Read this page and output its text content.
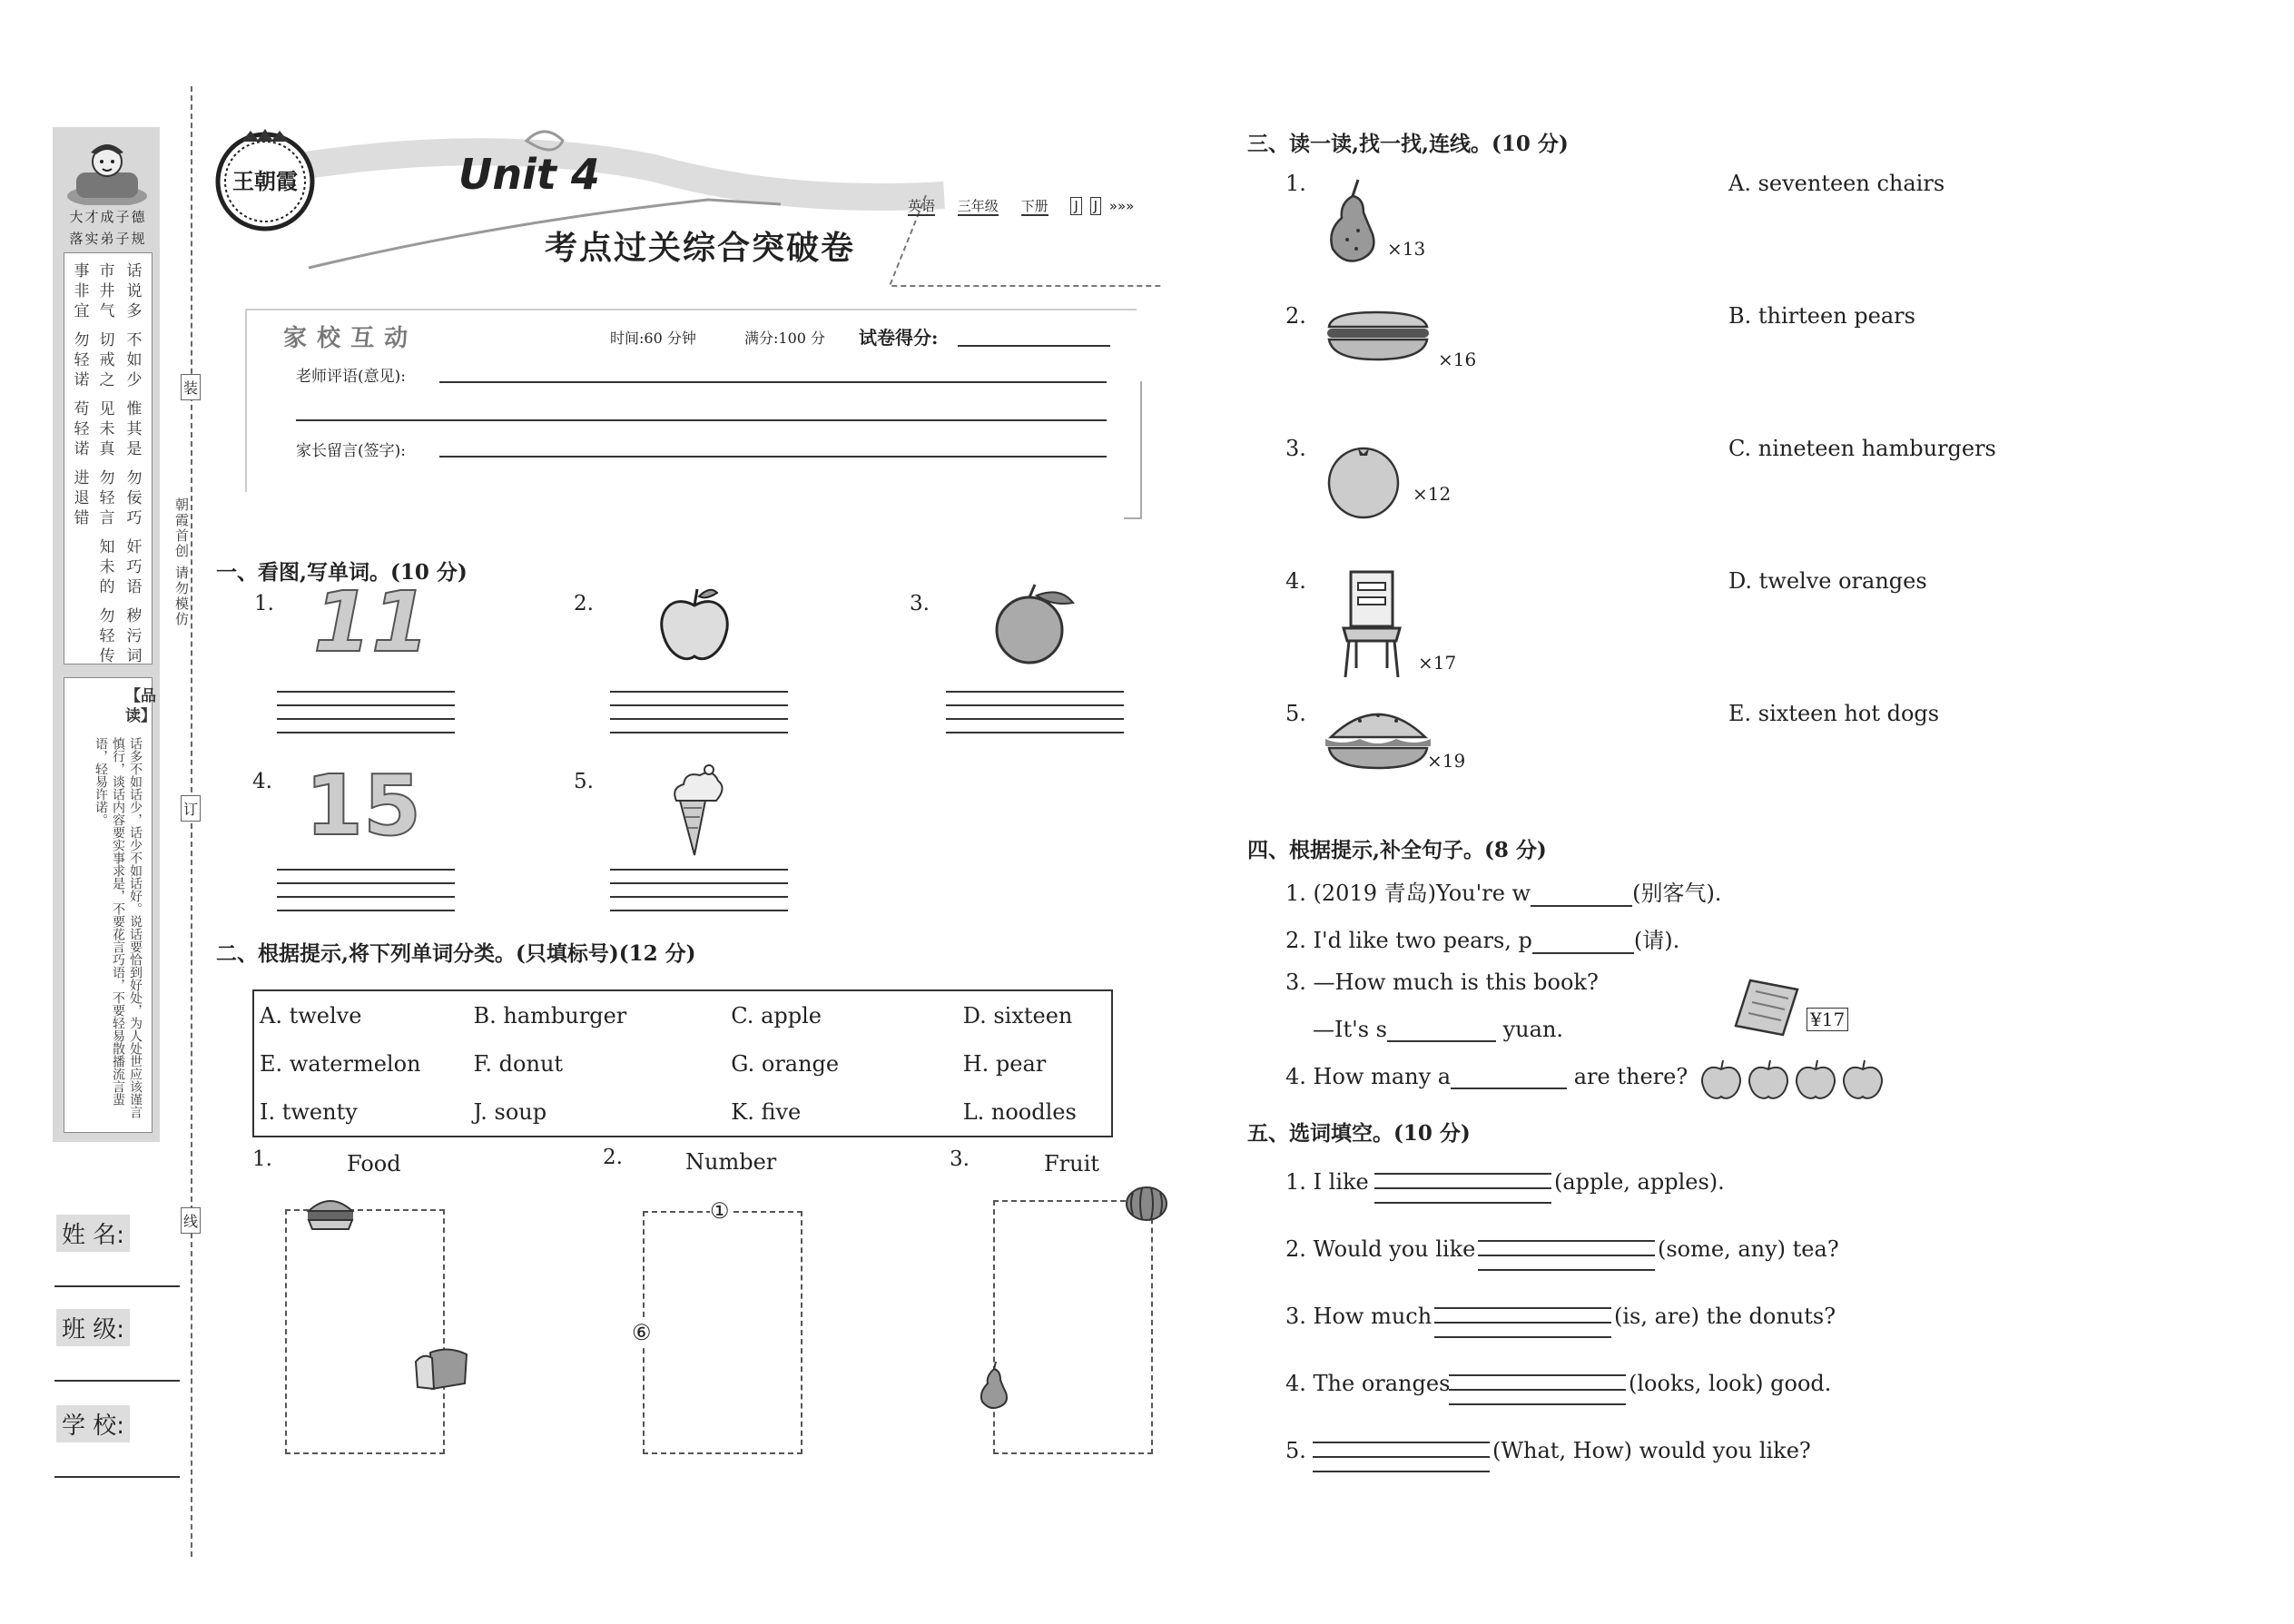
大才成子德
落实弟子规
事非宜
勿轻诺
苟轻诺
进退错
市井气
切戒之
见未真
勿轻言
知未的
勿轻传
话说多
不如少
惟其是
勿佞巧
奸巧语
秽污词
【品读】
话多不如话少，话少不如话好。说话要恰到好处，为人处世应该谨言慎行，谈话内容要实事求是，不要花言巧语，不要轻易散播流言蜚语，轻易许诺。
姓 名:
班 级:
学 校:
装
订
线
朝霞首创 请勿模仿
王朝霞	Unit 4
考点过关综合突破卷
英语 三年级 下册 J J »»»
家 校 互 动	时间:60 分钟	满分:100 分 试卷得分:
老师评语(意见):
家长留言(签字):
一、看图,写单词。(10 分)
1. 11	2.	3.
4. 15	5.
二、根据提示,将下列单词分类。(只填标号)(12 分)
A. twelve	B. hamburger	C. apple	D. sixteen
E. watermelon	F. donut	G. orange	H. pear
I. twenty	J. soup	K. five	L. noodles
1.	Food	2.	Number
①
⑥
3.	Fruit
三、读一读,找一找,连线。(10 分)
1.
×13
2.
×16
3.
×12
4.
×17
5.
×19
A. seventeen chairs
B. thirteen pears
C. nineteen hamburgers
D. twelve oranges
E. sixteen hot dogs
四、根据提示,补全句子。(8 分)
1. (2019 青岛)You're w	(别客气).
2. I'd like two pears, p	(请).
3. —How much is this book?
—It's s	yuan.	¥17
4. How many a	are there?
五、选词填空。(10 分)
1. I like	(apple, apples).
2. Would you like	(some, any) tea?
3. How much	(is, are) the donuts?
4. The oranges	(looks, look) good.
5.	(What, How) would you like?
